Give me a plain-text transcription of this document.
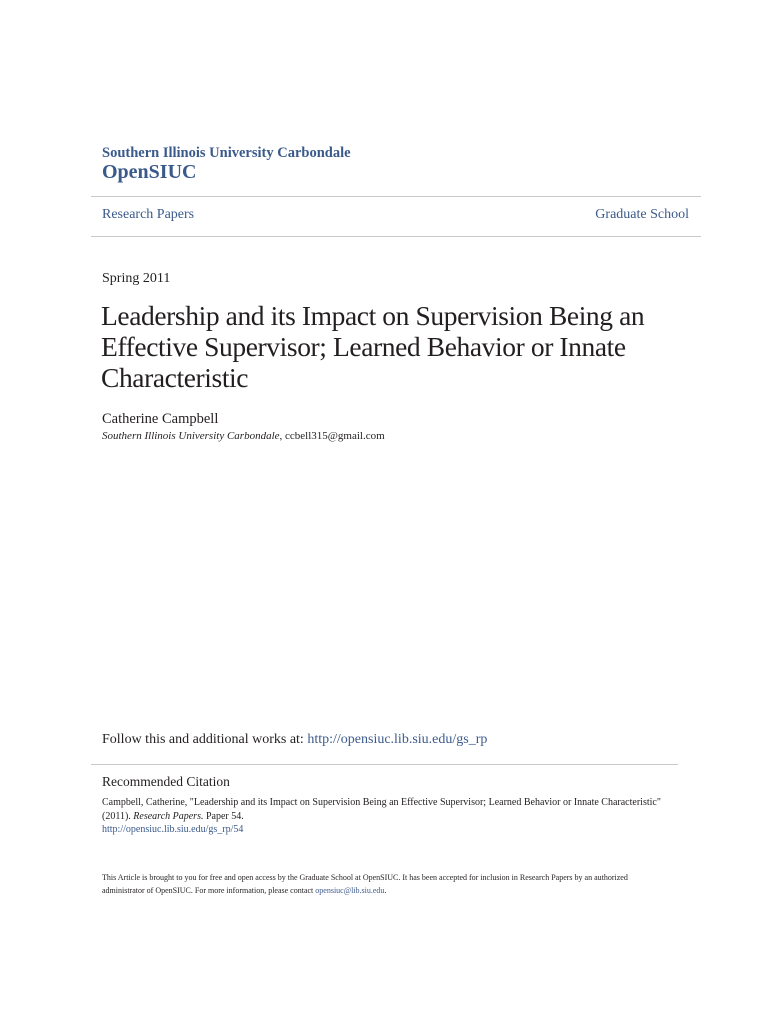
Southern Illinois University Carbondale
OpenSIUC
Research Papers	Graduate School
Spring 2011
Leadership and its Impact on Supervision Being an
Effective Supervisor; Learned Behavior or Innate
Characteristic
Catherine Campbell
Southern Illinois University Carbondale, ccbell315@gmail.com
Follow this and additional works at: http://opensiuc.lib.siu.edu/gs_rp
Recommended Citation
Campbell, Catherine, "Leadership and its Impact on Supervision Being an Effective Supervisor; Learned Behavior or Innate Characteristic" (2011). Research Papers. Paper 54.
http://opensiuc.lib.siu.edu/gs_rp/54
This Article is brought to you for free and open access by the Graduate School at OpenSIUC. It has been accepted for inclusion in Research Papers by an authorized administrator of OpenSIUC. For more information, please contact opensiuc@lib.siu.edu.
